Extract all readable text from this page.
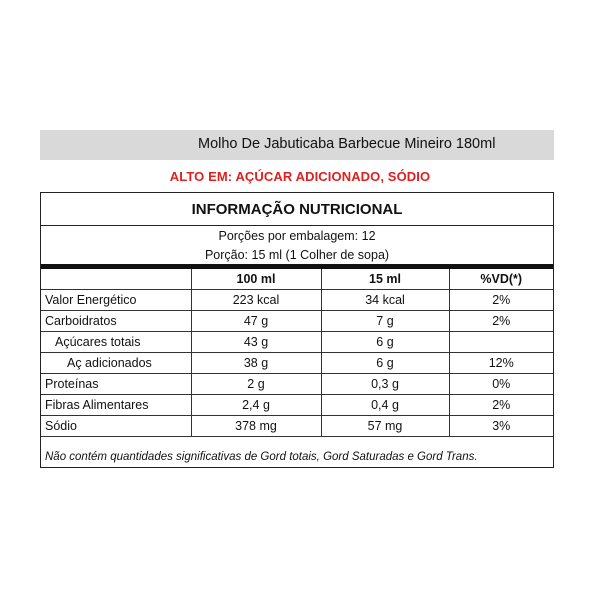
Molho De Jabuticaba Barbecue Mineiro 180ml
ALTO EM: AÇÚCAR ADICIONADO, SÓDIO
INFORMAÇÃO NUTRICIONAL
Porções por embalagem: 12
Porção: 15 ml (1 Colher de sopa)
	100 ml	15 ml	%VD(*)
Valor Energético	223 kcal	34 kcal	2%
Carboidratos	47 g	7 g	2%
Açúcares totais	43 g	6 g	
Aç adicionados	38 g	6 g	12%
Proteínas	2 g	0,3 g	0%
Fibras Alimentares	2,4 g	0,4 g	2%
Sódio	378 mg	57 mg	3%
Não contém quantidades significativas de Gord totais, Gord Saturadas e Gord Trans.
